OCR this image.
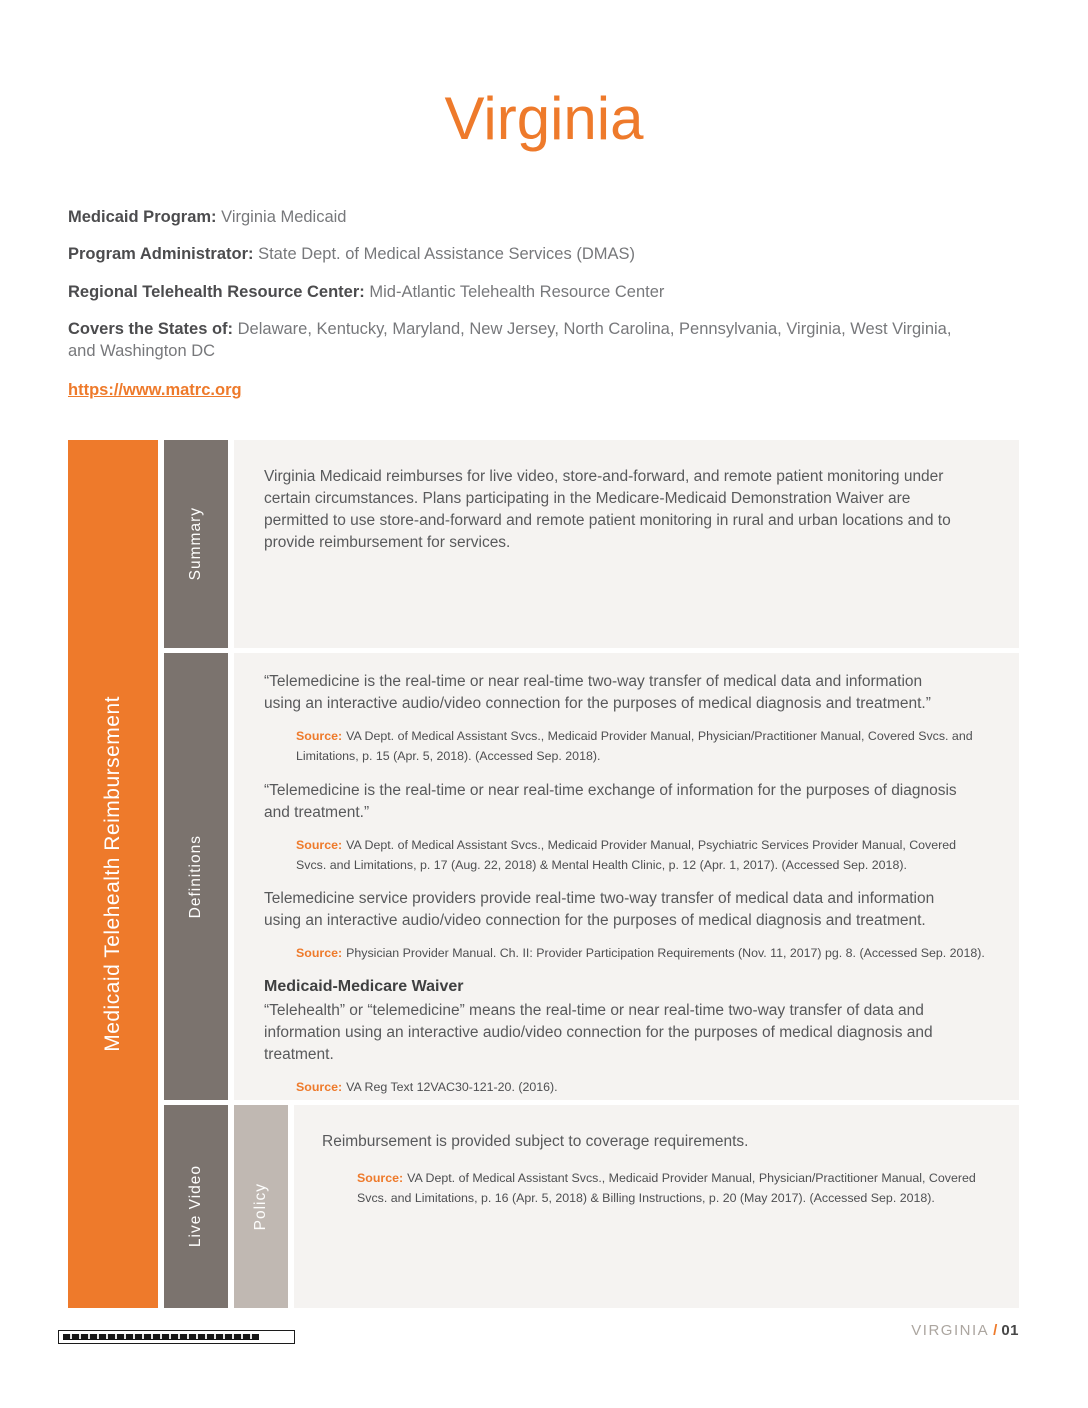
Virginia

Medicaid Program: Virginia Medicaid

Program Administrator: State Dept. of Medical Assistance Services (DMAS)

Regional Telehealth Resource Center: Mid-Atlantic Telehealth Resource Center

Covers the States of: Delaware, Kentucky, Maryland, New Jersey, North Carolina, Pennsylvania, Virginia, West Virginia, and Washington DC

https://www.matrc.org
Medicaid Telehealth Reimbursement
Summary

Virginia Medicaid reimburses for live video, store-and-forward, and remote patient monitoring under certain circumstances. Plans participating in the Medicare-Medicaid Demonstration Waiver are permitted to use store-and-forward and remote patient monitoring in rural and urban locations and to provide reimbursement for services.

Definitions

“Telemedicine is the real-time or near real-time two-way transfer of medical data and information using an interactive audio/video connection for the purposes of medical diagnosis and treatment.”

Source: VA Dept. of Medical Assistant Svcs., Medicaid Provider Manual, Physician/Practitioner Manual, Covered Svcs. and Limitations, p. 15 (Apr. 5, 2018). (Accessed Sep. 2018).

“Telemedicine is the real-time or near real-time exchange of information for the purposes of diagnosis and treatment.”

Source: VA Dept. of Medical Assistant Svcs., Medicaid Provider Manual, Psychiatric Services Provider Manual, Covered Svcs. and Limitations, p. 17 (Aug. 22, 2018) & Mental Health Clinic, p. 12 (Apr. 1, 2017). (Accessed Sep. 2018).

Telemedicine service providers provide real-time two-way transfer of medical data and information using an interactive audio/video connection for the purposes of medical diagnosis and treatment.

Source: Physician Provider Manual. Ch. II: Provider Participation Requirements (Nov. 11, 2017) pg. 8. (Accessed Sep. 2018).

Medicaid-Medicare Waiver

“Telehealth” or “telemedicine” means the real-time or near real-time two-way transfer of data and information using an interactive audio/video connection for the purposes of medical diagnosis and treatment.

Source: VA Reg Text 12VAC30-121-20. (2016).

Live Video	Policy

Reimbursement is provided subject to coverage requirements.

Source: VA Dept. of Medical Assistant Svcs., Medicaid Provider Manual, Physician/Practitioner Manual, Covered Svcs. and Limitations, p. 16 (Apr. 5, 2018) & Billing Instructions, p. 20 (May 2017). (Accessed Sep. 2018).

VIRGINIA / 01
